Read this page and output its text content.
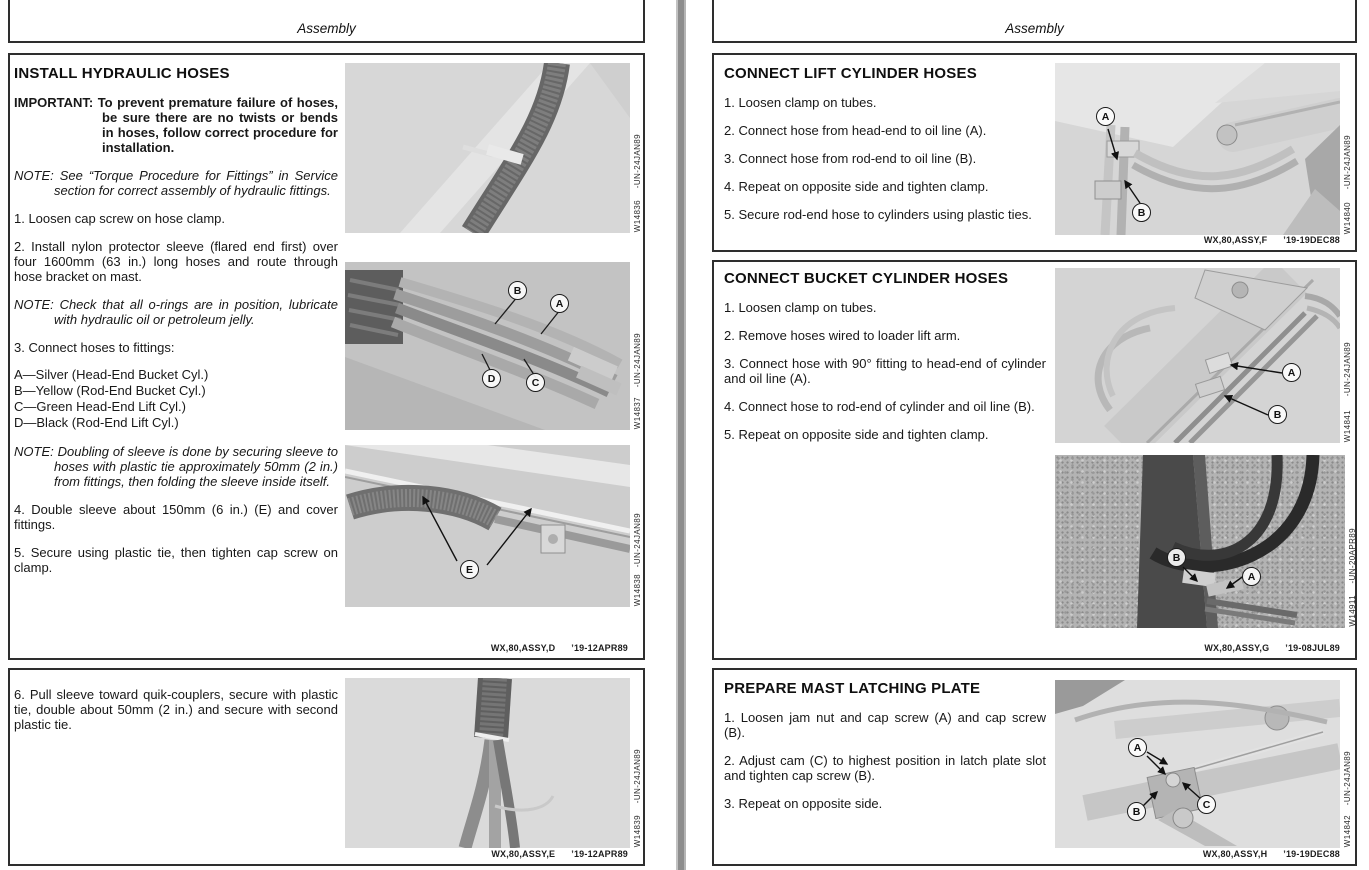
Assembly
INSTALL HYDRAULIC HOSES

IMPORTANT: To prevent premature failure of hoses, be sure there are no twists or bends in hoses, follow correct procedure for installation.

NOTE: See “Torque Procedure for Fittings” in Service section for correct assembly of hydraulic fittings.

1. Loosen cap screw on hose clamp.

2. Install nylon protector sleeve (flared end first) over four 1600mm (63 in.) long hoses and route through hose bracket on mast.

NOTE: Check that all o-rings are in position, lubricate with hydraulic oil or petroleum jelly.

3. Connect hoses to fittings:

A—Silver (Head-End Bucket Cyl.)

B—Yellow (Rod-End Bucket Cyl.)

C—Green Head-End Lift Cyl.)

D—Black (Rod-End Lift Cyl.)

NOTE: Doubling of sleeve is done by securing sleeve to hoses with plastic tie approximately 50mm (2 in.) from fittings, then folding the sleeve inside itself.

4. Double sleeve about 150mm (6 in.) (E) and cover fittings.

5. Secure using plastic tie, then tighten cap screw on clamp.

-UN-24JAN89
W14836
B
A
D	C	-UN-24JAN89
W14837
E
-UN-24JAN89
W14838
WX,80,ASSY,D ’19-12APR89

6. Pull sleeve toward quik-couplers, secure with plastic tie, double about 50mm (2 in.) and secure with second plastic tie.

-UN-24JAN89
W14839
WX,80,ASSY,E ’19-12APR89
Assembly
CONNECT LIFT CYLINDER HOSES

1. Loosen clamp on tubes.

2. Connect hose from head-end to oil line (A).

3. Connect hose from rod-end to oil line (B).

4. Repeat on opposite side and tighten clamp.

5. Secure rod-end hose to cylinders using plastic ties.

A
B
-UN-24JAN89
W14840
WX,80,ASSY,F ’19-19DEC88
CONNECT BUCKET CYLINDER HOSES

1. Loosen clamp on tubes.

2. Remove hoses wired to loader lift arm.

3. Connect hose with 90° fitting to head-end of cylinder and oil line (A).

4. Connect hose to rod-end of cylinder and oil line (B).

5. Repeat on opposite side and tighten clamp.

A
B
-UN-24JAN89
W14841
B
A	-UN-20APR89
W14911
WX,80,ASSY,G ’19-08JUL89
PREPARE MAST LATCHING PLATE

1. Loosen jam nut and cap screw (A) and cap screw (B).

2. Adjust cam (C) to highest position in latch plate slot and tighten cap screw (B).

3. Repeat on opposite side.

A
B
C	-UN-24JAN89
W14842
WX,80,ASSY,H ’19-19DEC88
